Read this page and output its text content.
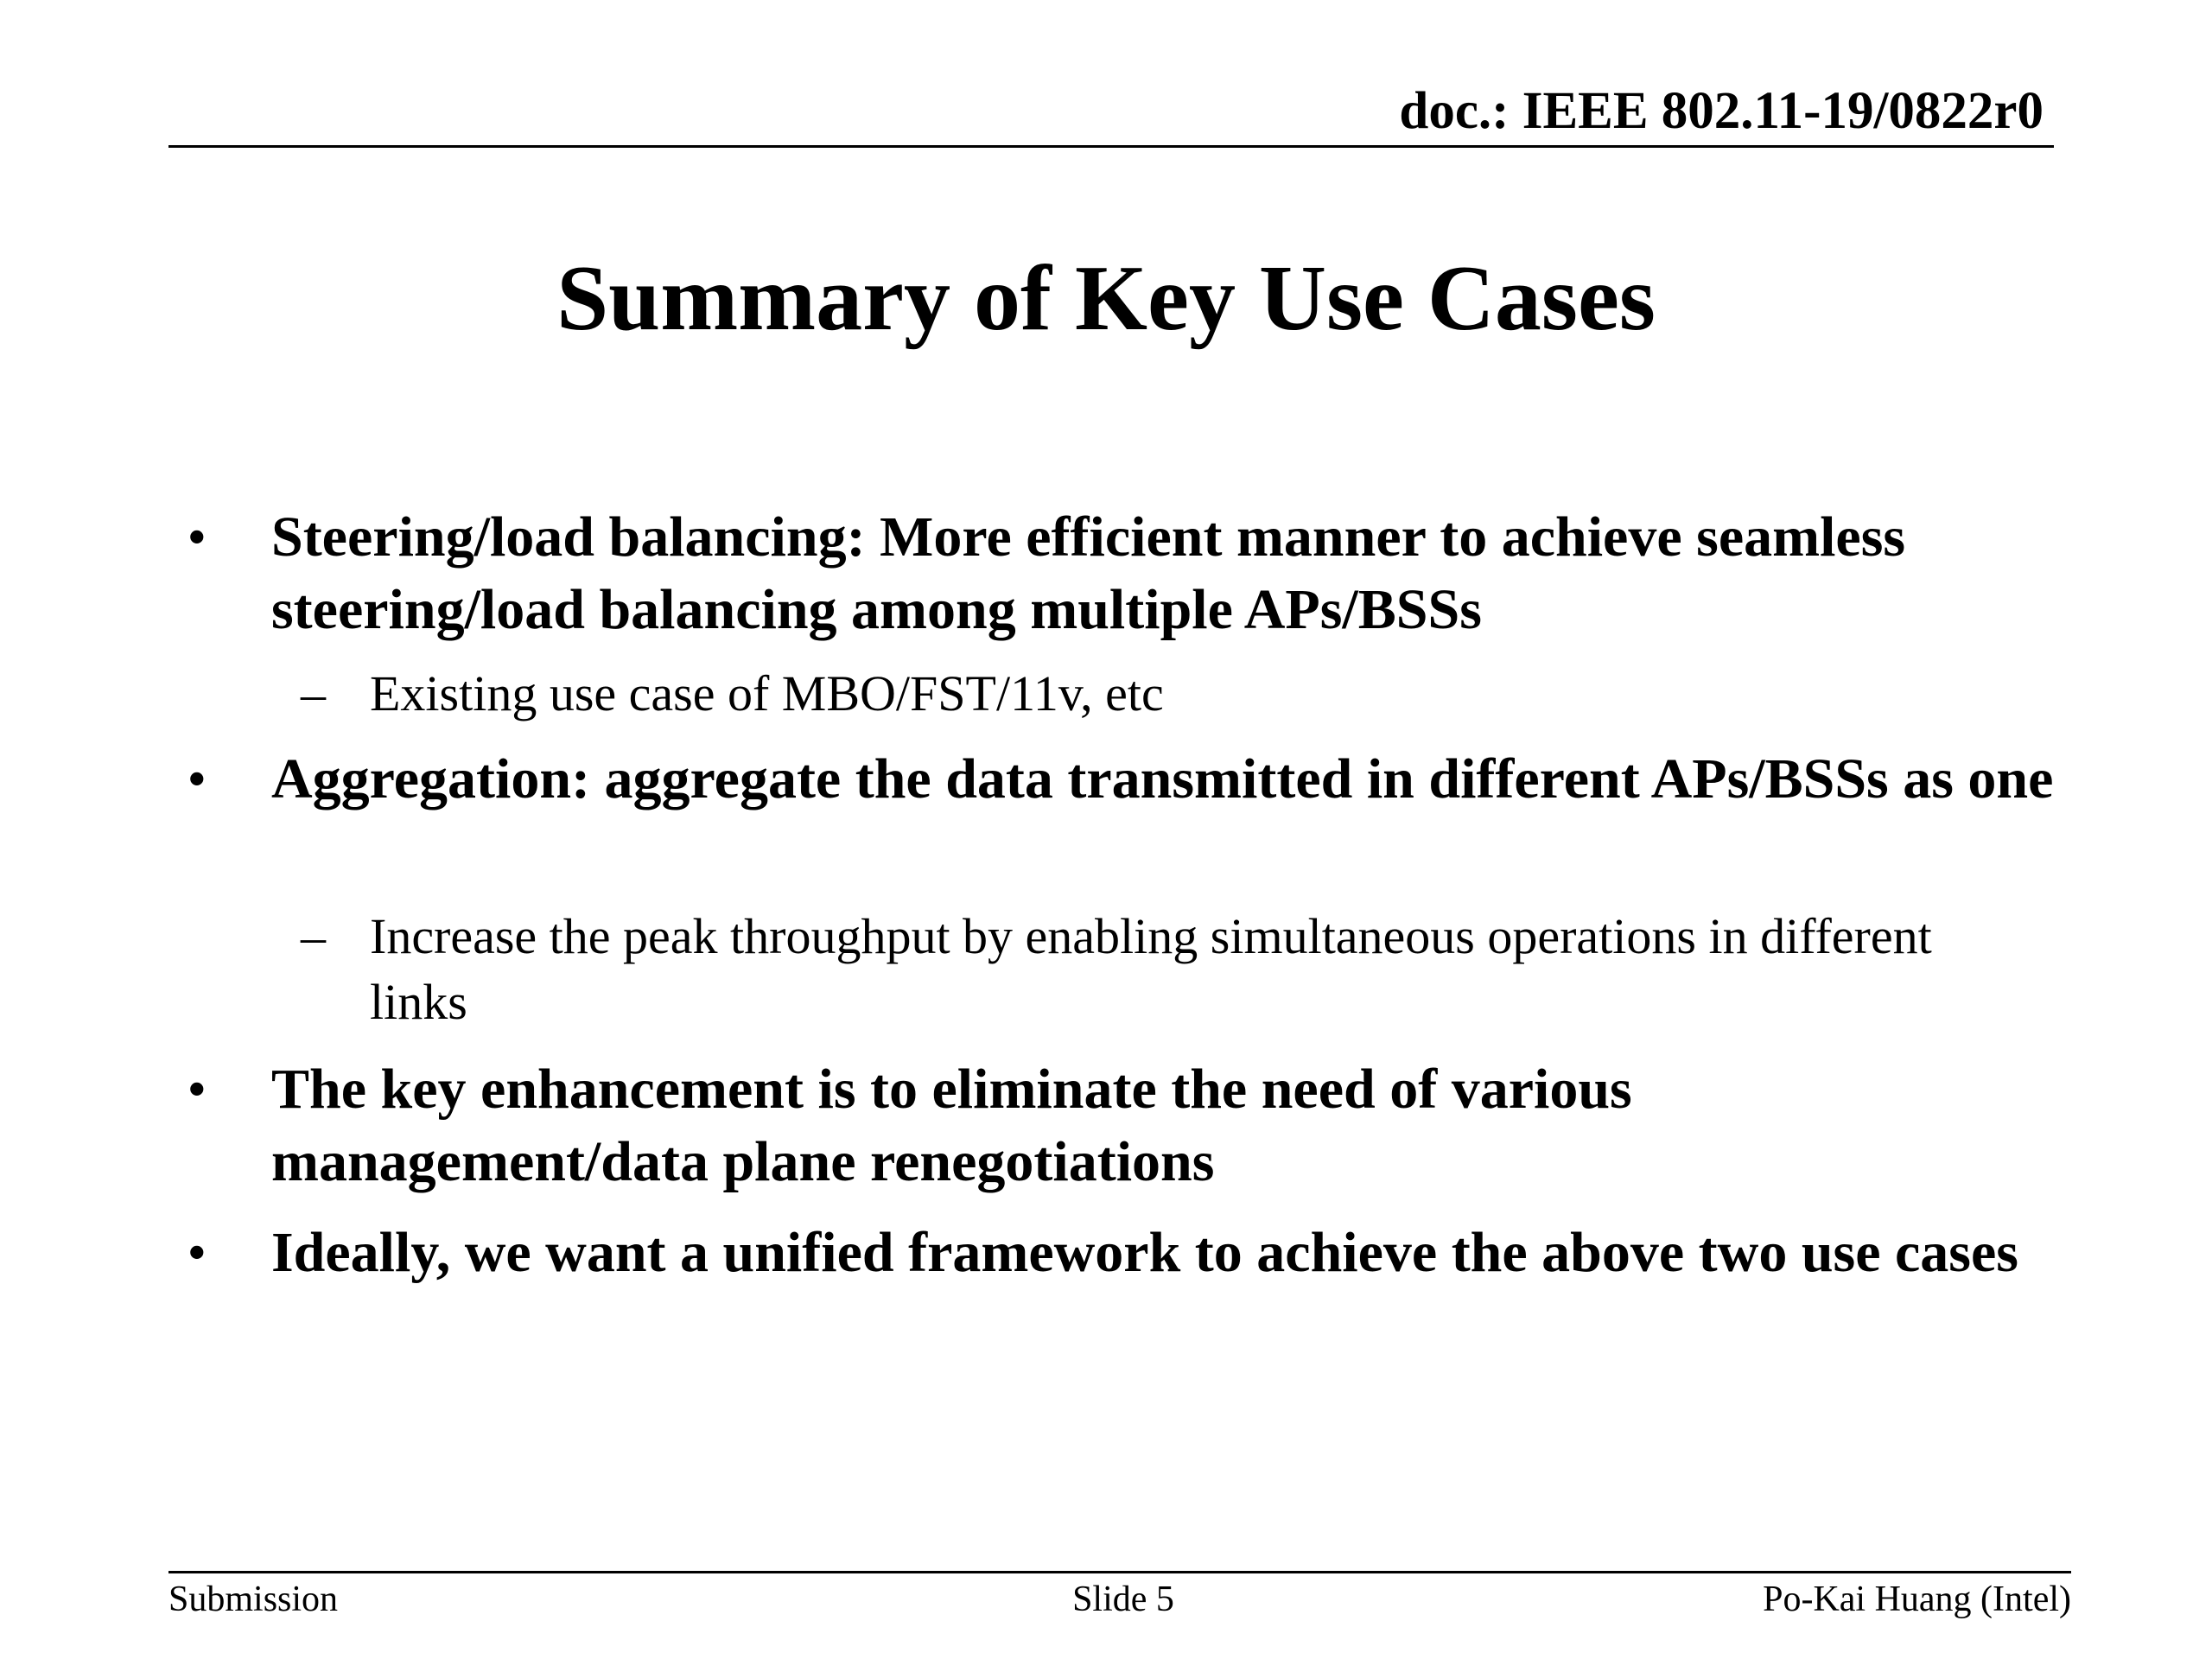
doc.: IEEE 802.11-19/0822r0
Summary of Key Use Cases
• Steering/load balancing: More efficient manner to achieve seamless steering/load balancing among multiple APs/BSSs
– Existing use case of MBO/FST/11v, etc
• Aggregation: aggregate the data transmitted in different APs/BSSs as one
– Increase the peak throughput by enabling simultaneous operations in different links
• The key enhancement is to eliminate the need of various management/data plane renegotiations
• Ideally, we want a unified framework to achieve the above two use cases
Submission	Slide 5	Po-Kai Huang (Intel)
